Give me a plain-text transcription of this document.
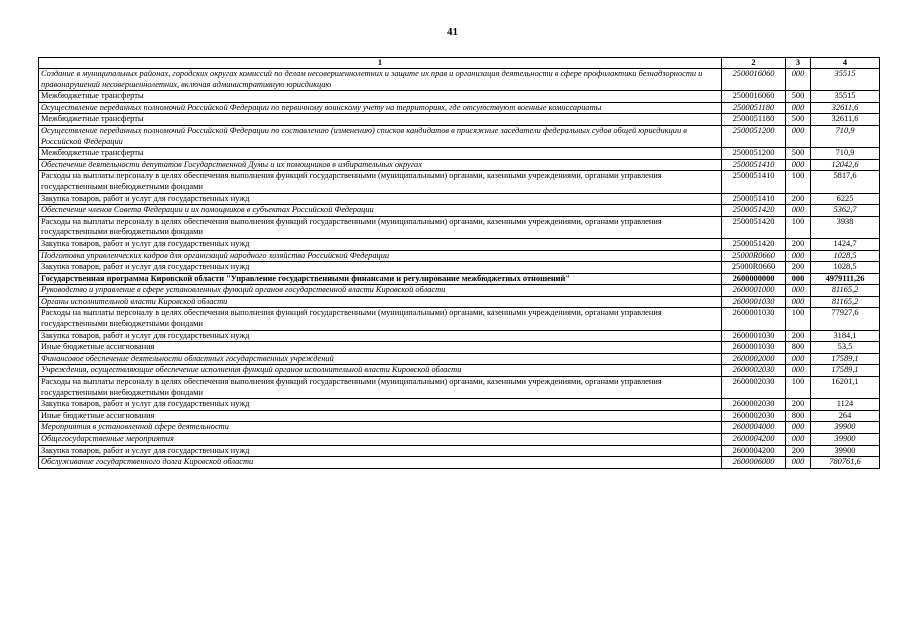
41
1	2	3	4
Создание в муниципальных районах, городских округах комиссий по делам несовершеннолетних и защите их прав и организация деятельности в сфере профилактики безнадзорности и правонарушений несовершеннолетних, включая административную юрисдикцию	2500016060	000	35515
Межбюджетные трансферты	2500016060	500	35515
Осуществление переданных полномочий Российской Федерации по первичному воинскому учету на территориях, где отсутствуют военные комиссариаты	2500051180	000	32611,6
Межбюджетные трансферты	2500051180	500	32611,6
Осуществление переданных полномочий Российской Федерации по составлению (изменению) списков кандидатов в присяжные заседатели федеральных судов общей юрисдикции в Российской Федерации	2500051200	000	710,9
Межбюджетные трансферты	2500051200	500	710,9
Обеспечение деятельности депутатов Государственной Думы и их помощников в избирательных округах	2500051410	000	12042,6
Расходы на выплаты персоналу в целях обеспечения выполнения функций государственными (муниципальными) органами, казенными учреждениями, органами управления государственными внебюджетными фондами	2500051410	100	5817,6
Закупка товаров, работ и услуг для государственных нужд	2500051410	200	6225
Обеспечение членов Совета Федерации и их помощников в субъектах Российской Федерации	2500051420	000	5362,7
Расходы на выплаты персоналу в целях обеспечения выполнения функций государственными (муниципальными) органами, казенными учреждениями, органами управления государственными внебюджетными фондами	2500051420	100	3938
Закупка товаров, работ и услуг для государственных нужд	2500051420	200	1424,7
Подготовка управленческих кадров для организаций народного хозяйства Российской Федерации	25000R0660	000	1028,5
Закупка товаров, работ и услуг для государственных нужд	25000R0660	200	1028,5
Государственная программа Кировской области "Управление государственными финансами и регулирование межбюджетных отношений"	2600000000	000	4979111,26
Руководство и управление в сфере установленных функций органов государственной власти Кировской области	2600001000	000	81165,2
Органы исполнительной власти Кировской области	2600001030	000	81165,2
Расходы на выплаты персоналу в целях обеспечения выполнения функций государственными (муниципальными) органами, казенными учреждениями, органами управления государственными внебюджетными фондами	2600001030	100	77927,6
Закупка товаров, работ и услуг для государственных нужд	2600001030	200	3184,1
Иные бюджетные ассигнования	2600001030	800	53,5
Финансовое обеспечение деятельности областных государственных учреждений	2600002000	000	17589,1
Учреждения, осуществляющие обеспечение исполнения функций органов исполнительной власти Кировской области	2600002030	000	17589,1
Расходы на выплаты персоналу в целях обеспечения выполнения функций государственными (муниципальными) органами, казенными учреждениями, органами управления государственными внебюджетными фондами	2600002030	100	16201,1
Закупка товаров, работ и услуг для государственных нужд	2600002030	200	1124
Иные бюджетные ассигнования	2600002030	800	264
Мероприятия в установленной сфере деятельности	2600004000	000	39900
Общегосударственные мероприятия	2600004200	000	39900
Закупка товаров, работ и услуг для государственных нужд	2600004200	200	39900
Обслуживание государственного долга Кировской области	2600006000	000	780761,6
